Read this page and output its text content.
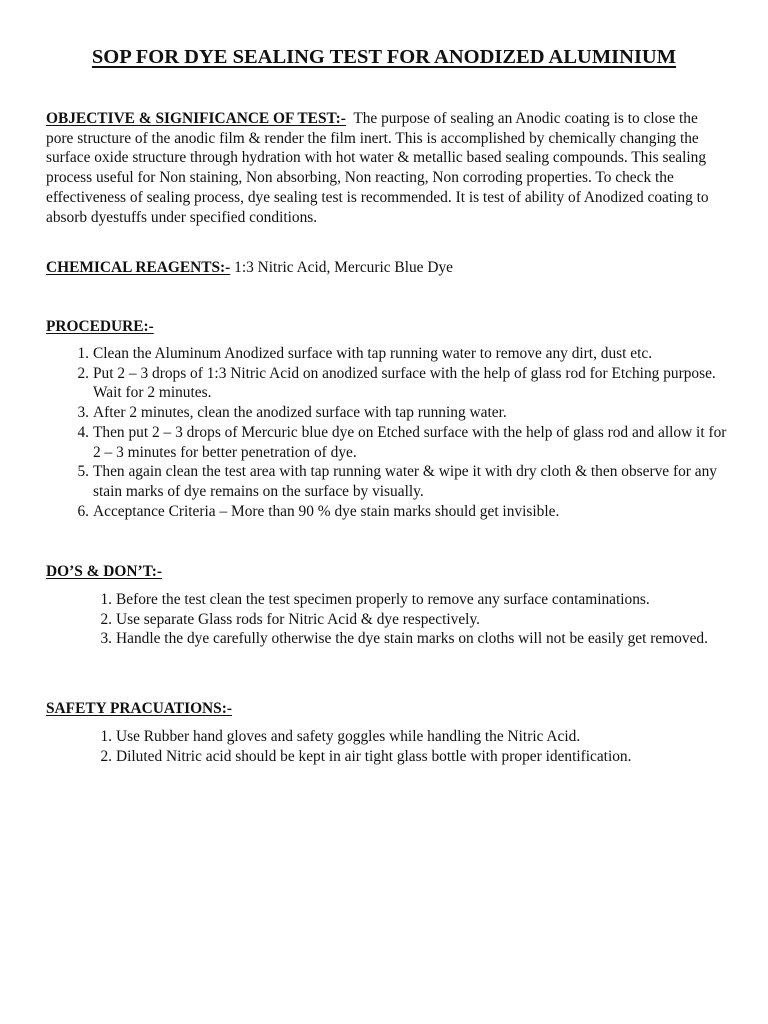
SOP FOR DYE SEALING TEST FOR ANODIZED ALUMINIUM
OBJECTIVE & SIGNIFICANCE OF TEST:- The purpose of sealing an Anodic coating is to close the pore structure of the anodic film & render the film inert. This is accomplished by chemically changing the surface oxide structure through hydration with hot water & metallic based sealing compounds. This sealing process useful for Non staining, Non absorbing, Non reacting, Non corroding properties. To check the effectiveness of sealing process, dye sealing test is recommended. It is test of ability of Anodized coating to absorb dyestuffs under specified conditions.
CHEMICAL REAGENTS:- 1:3 Nitric Acid, Mercuric Blue Dye
PROCEDURE:-
1. Clean the Aluminum Anodized surface with tap running water to remove any dirt, dust etc.
2. Put 2 – 3 drops of 1:3 Nitric Acid on anodized surface with the help of glass rod for Etching purpose. Wait for 2 minutes.
3. After 2 minutes, clean the anodized surface with tap running water.
4. Then put 2 – 3 drops of Mercuric blue dye on Etched surface with the help of glass rod and allow it for 2 – 3 minutes for better penetration of dye.
5. Then again clean the test area with tap running water & wipe it with dry cloth & then observe for any stain marks of dye remains on the surface by visually.
6. Acceptance Criteria – More than 90 % dye stain marks should get invisible.
DO’S & DON’T:-
1. Before the test clean the test specimen properly to remove any surface contaminations.
2. Use separate Glass rods for Nitric Acid & dye respectively.
3. Handle the dye carefully otherwise the dye stain marks on cloths will not be easily get removed.
SAFETY PRACUATIONS:-
1. Use Rubber hand gloves and safety goggles while handling the Nitric Acid.
2. Diluted Nitric acid should be kept in air tight glass bottle with proper identification.
